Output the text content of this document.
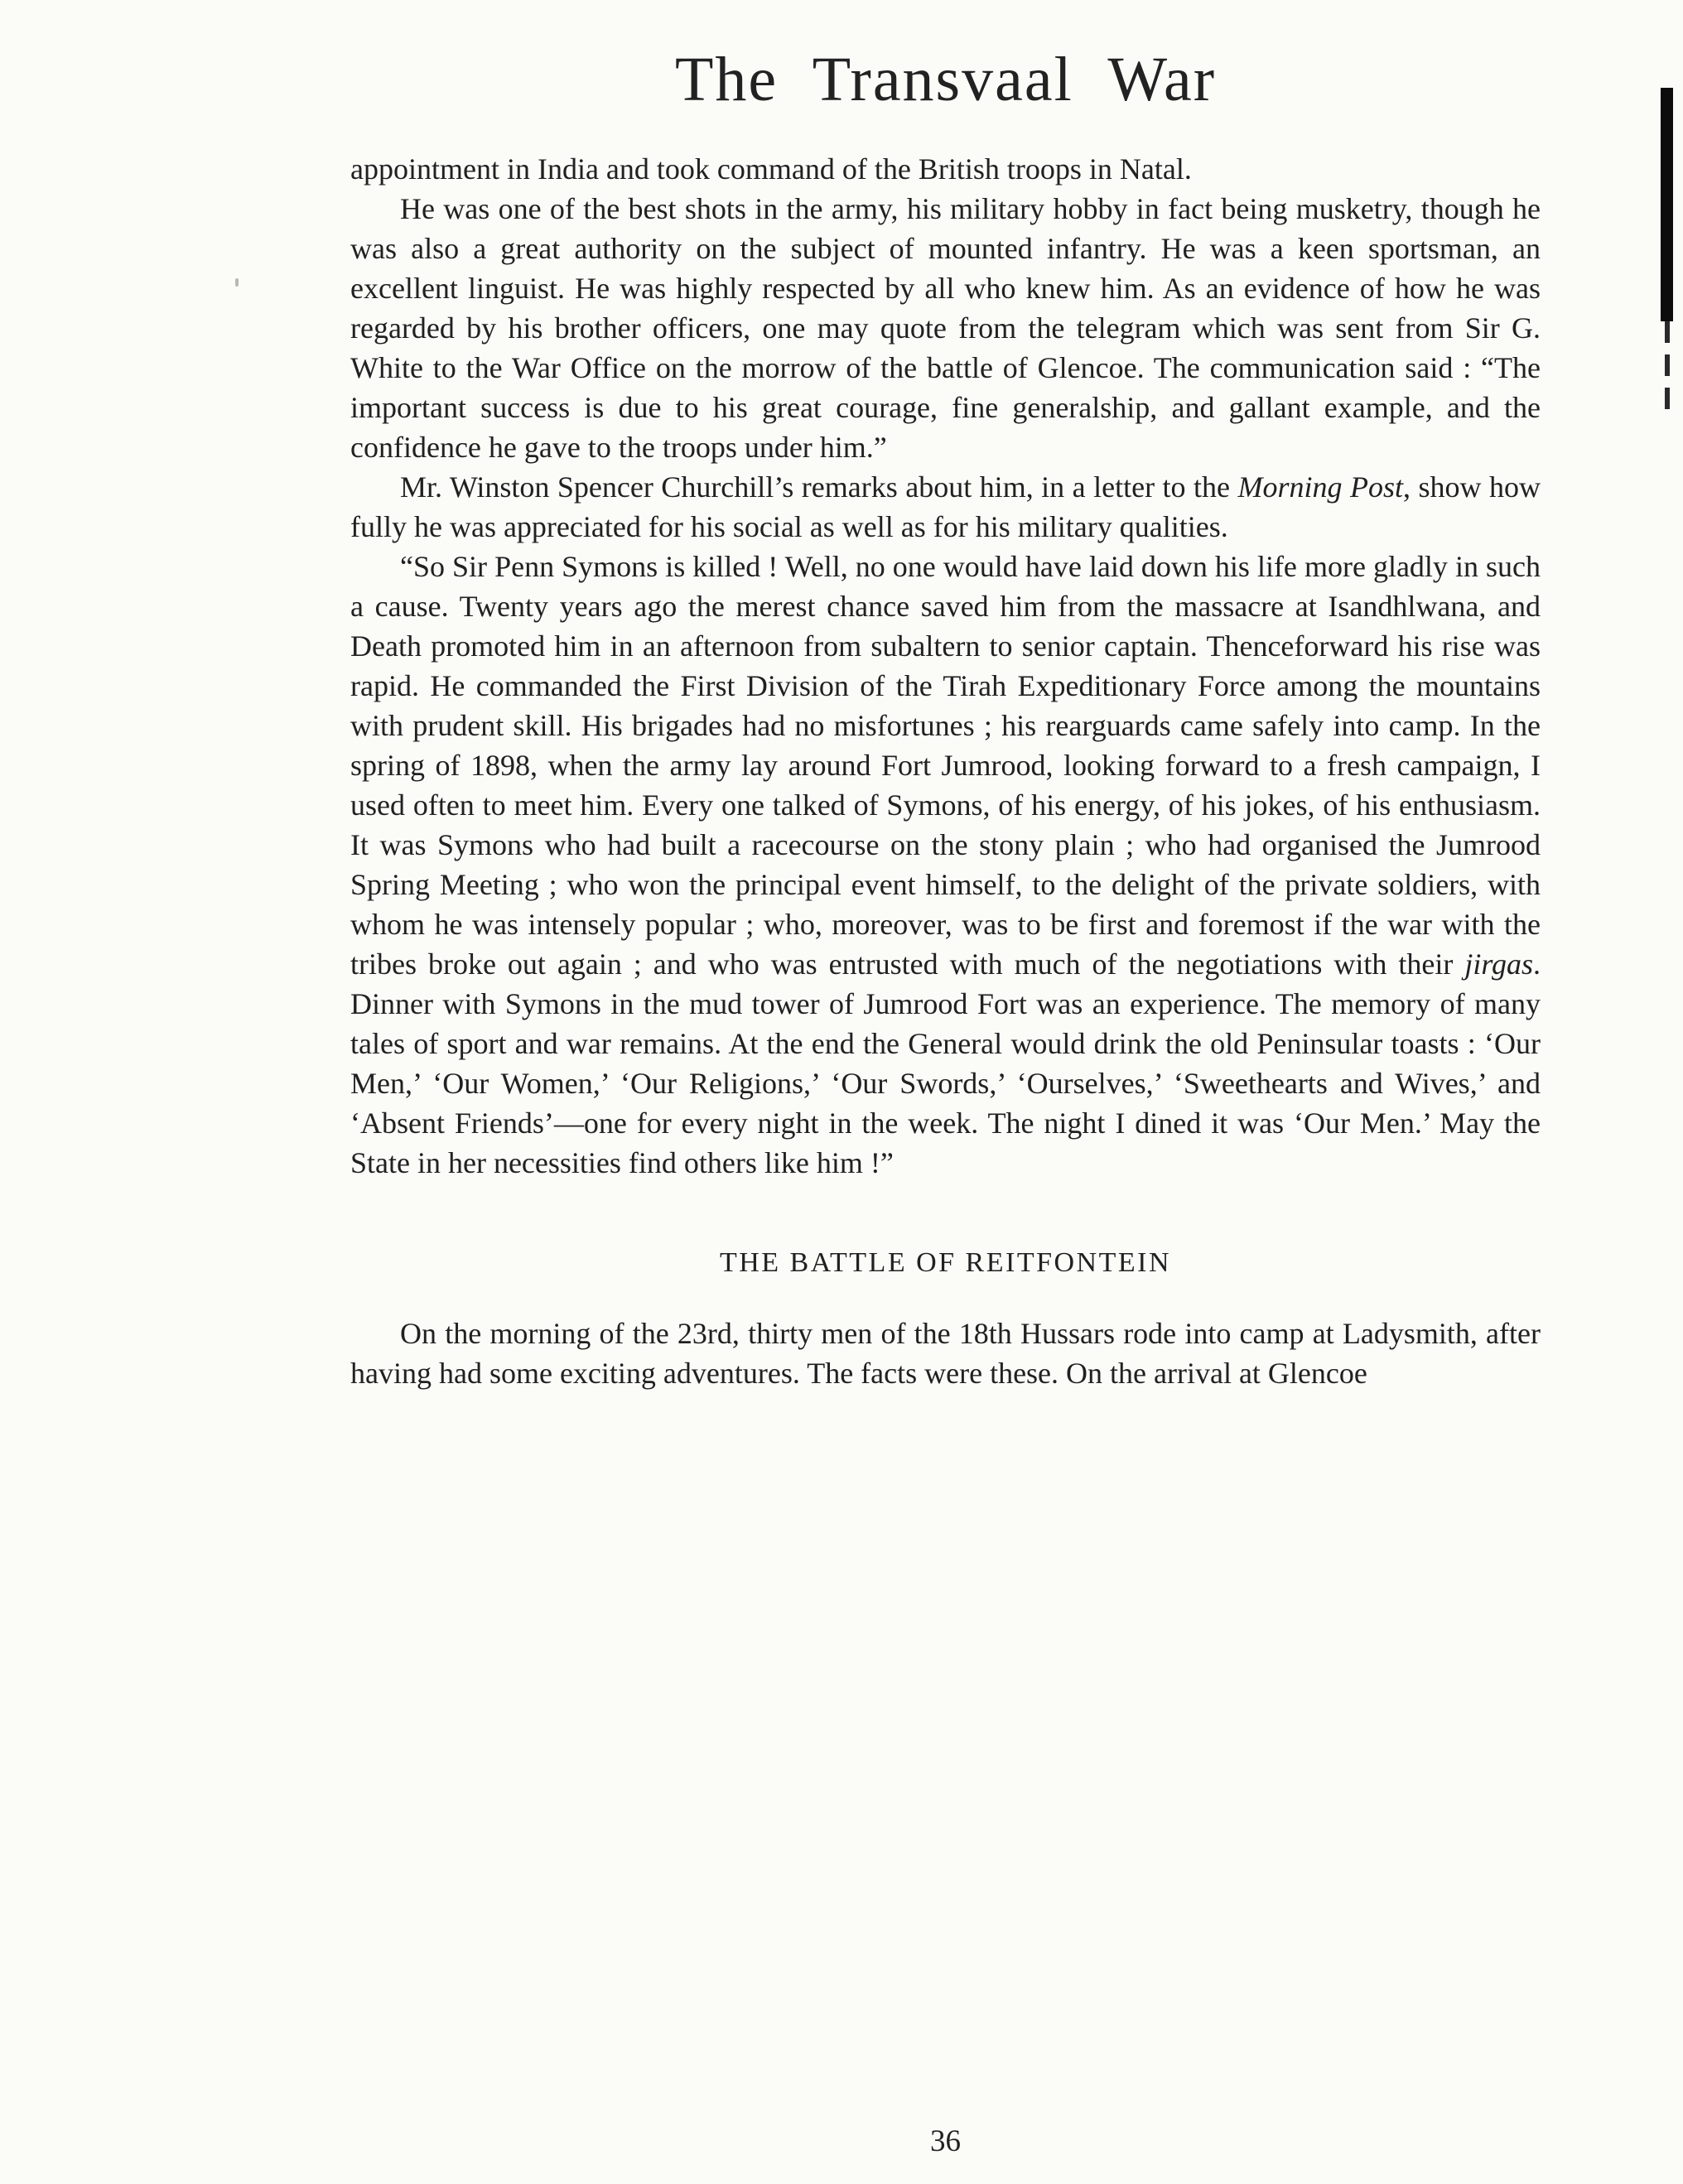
The Transvaal War

appointment in India and took command of the British troops in Natal.

He was one of the best shots in the army, his military hobby in fact being musketry, though he was also a great authority on the subject of mounted infantry. He was a keen sportsman, an excellent linguist. He was highly respected by all who knew him. As an evidence of how he was regarded by his brother officers, one may quote from the telegram which was sent from Sir G. White to the War Office on the morrow of the battle of Glencoe. The communication said : “The important success is due to his great courage, fine generalship, and gallant example, and the confidence he gave to the troops under him.”

Mr. Winston Spencer Churchill’s remarks about him, in a letter to the Morning Post, show how fully he was appreciated for his social as well as for his military qualities.

“So Sir Penn Symons is killed ! Well, no one would have laid down his life more gladly in such a cause. Twenty years ago the merest chance saved him from the massacre at Isandhlwana, and Death promoted him in an afternoon from subaltern to senior captain. Thenceforward his rise was rapid. He commanded the First Division of the Tirah Expeditionary Force among the mountains with prudent skill. His brigades had no misfortunes ; his rearguards came safely into camp. In the spring of 1898, when the army lay around Fort Jumrood, looking forward to a fresh campaign, I used often to meet him. Every one talked of Symons, of his energy, of his jokes, of his enthusiasm. It was Symons who had built a racecourse on the stony plain ; who had organised the Jumrood Spring Meeting ; who won the principal event himself, to the delight of the private soldiers, with whom he was intensely popular ; who, moreover, was to be first and foremost if the war with the tribes broke out again ; and who was entrusted with much of the negotiations with their jirgas. Dinner with Symons in the mud tower of Jumrood Fort was an experience. The memory of many tales of sport and war remains. At the end the General would drink the old Peninsular toasts : ‘Our Men,’ ‘Our Women,’ ‘Our Religions,’ ‘Our Swords,’ ‘Ourselves,’ ‘Sweethearts and Wives,’ and ‘Absent Friends’—one for every night in the week. The night I dined it was ‘Our Men.’ May the State in her necessities find others like him !”

THE BATTLE OF REITFONTEIN

On the morning of the 23rd, thirty men of the 18th Hussars rode into camp at Ladysmith, after having had some exciting adventures. The facts were these. On the arrival at Glencoe

36
